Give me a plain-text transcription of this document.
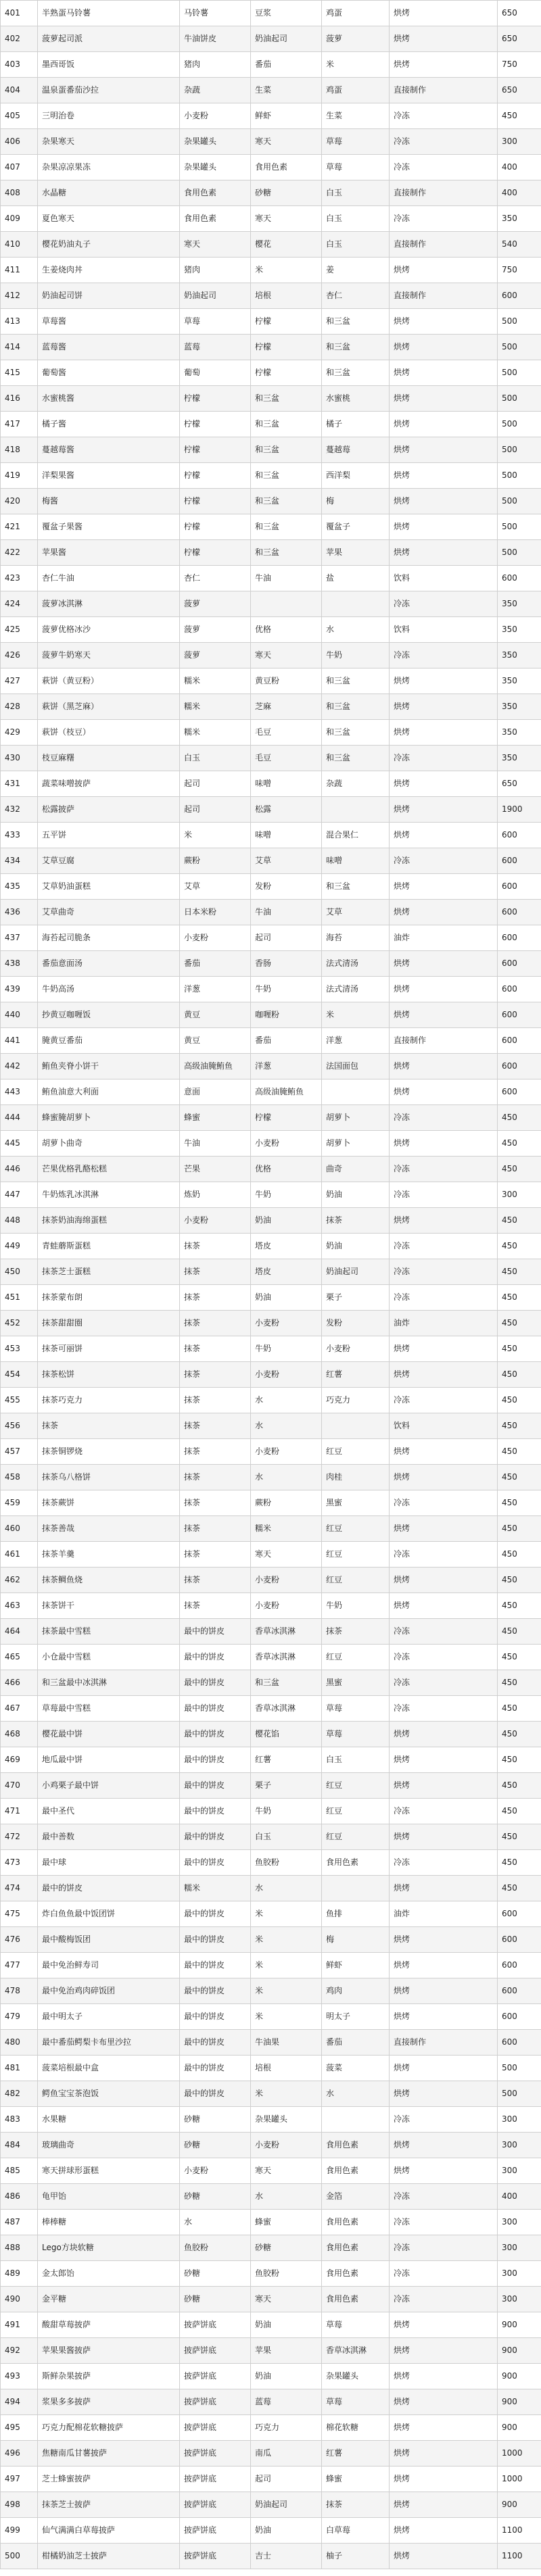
401	半熟蛋马铃薯	马铃薯	豆浆	鸡蛋	烘烤	650
402	菠萝起司派	牛油饼皮	奶油起司	菠萝	烘烤	650
403	墨西哥饭	猪肉	番茄	米	烘烤	750
404	温泉蛋番茄沙拉	杂蔬	生菜	鸡蛋	直接制作	650
405	三明治卷	小麦粉	鲜虾	生菜	冷冻	450
406	杂果寒天	杂果罐头	寒天	草莓	冷冻	300
407	杂果凉凉果冻	杂果罐头	食用色素	草莓	冷冻	400
408	水晶糖	食用色素	砂糖	白玉	直接制作	400
409	夏色寒天	食用色素	寒天	白玉	冷冻	350
410	樱花奶油丸子	寒天	樱花	白玉	直接制作	540
411	生姜烧肉丼	猪肉	米	姜	烘烤	750
412	奶油起司饼	奶油起司	培根	杏仁	直接制作	600
413	草莓酱	草莓	柠檬	和三盆	烘烤	500
414	蓝莓酱	蓝莓	柠檬	和三盆	烘烤	500
415	葡萄酱	葡萄	柠檬	和三盆	烘烤	500
416	水蜜桃酱	柠檬	和三盆	水蜜桃	烘烤	500
417	橘子酱	柠檬	和三盆	橘子	烘烤	500
418	蔓越莓酱	柠檬	和三盆	蔓越莓	烘烤	500
419	洋梨果酱	柠檬	和三盆	西洋梨	烘烤	500
420	梅酱	柠檬	和三盆	梅	烘烤	500
421	覆盆子果酱	柠檬	和三盆	覆盆子	烘烤	500
422	苹果酱	柠檬	和三盆	苹果	烘烤	500
423	杏仁牛油	杏仁	牛油	盐	饮料	600
424	菠萝冰淇淋	菠萝			冷冻	350
425	菠萝优格冰沙	菠萝	优格	水	饮料	350
426	菠萝牛奶寒天	菠萝	寒天	牛奶	冷冻	350
427	萩饼（黄豆粉）	糯米	黄豆粉	和三盆	烘烤	350
428	萩饼（黑芝麻）	糯米	芝麻	和三盆	烘烤	350
429	萩饼（枝豆）	糯米	毛豆	和三盆	烘烤	350
430	枝豆麻糬	白玉	毛豆	和三盆	冷冻	350
431	蔬菜味噌披萨	起司	味噌	杂蔬	烘烤	650
432	松露披萨	起司	松露		烘烤	1900
433	五平饼	米	味噌	混合果仁	烘烤	600
434	艾草豆腐	蕨粉	艾草	味噌	冷冻	600
435	艾草奶油蛋糕	艾草	发粉	和三盆	烘烤	600
436	艾草曲奇	日本米粉	牛油	艾草	烘烤	600
437	海苔起司脆条	小麦粉	起司	海苔	油炸	600
438	番茄意面汤	番茄	香肠	法式清汤	烘烤	600
439	牛奶高汤	洋葱	牛奶	法式清汤	烘烤	600
440	抄黄豆咖喱饭	黄豆	咖喱粉	米	烘烤	600
441	腌黄豆番茄	黄豆	番茄	洋葱	直接制作	600
442	鲔鱼夹脊小饼干	高级油腌鲔鱼	洋葱	法国面包	烘烤	600
443	鲔鱼油意大利面	意面	高级油腌鲔鱼		烘烤	600
444	蜂蜜腌胡萝卜	蜂蜜	柠檬	胡萝卜	冷冻	450
445	胡萝卜曲奇	牛油	小麦粉	胡萝卜	烘烤	450
446	芒果优格乳酪松糕	芒果	优格	曲奇	冷冻	450
447	牛奶炼乳冰淇淋	炼奶	牛奶	奶油	冷冻	300
448	抹茶奶油海绵蛋糕	小麦粉	奶油	抹茶	烘烤	450
449	青蛙蘑斯蛋糕	抹茶	塔皮	奶油	冷冻	450
450	抹茶芝士蛋糕	抹茶	塔皮	奶油起司	冷冻	450
451	抹茶蒙布朗	抹茶	奶油	栗子	冷冻	450
452	抹茶甜甜圈	抹茶	小麦粉	发粉	油炸	450
453	抹茶可丽饼	抹茶	牛奶	小麦粉	烘烤	450
454	抹茶松饼	抹茶	小麦粉	红薯	烘烤	450
455	抹茶巧克力	抹茶	水	巧克力	冷冻	450
456	抹茶	抹茶	水		饮料	450
457	抹茶铜锣烧	抹茶	小麦粉	红豆	烘烤	450
458	抹茶乌八格饼	抹茶	水	肉桂	烘烤	450
459	抹茶蕨饼	抹茶	蕨粉	黑蜜	冷冻	450
460	抹茶善哉	抹茶	糯米	红豆	烘烤	450
461	抹茶羊羹	抹茶	寒天	红豆	冷冻	450
462	抹茶鲷鱼烧	抹茶	小麦粉	红豆	烘烤	450
463	抹茶饼干	抹茶	小麦粉	牛奶	烘烤	450
464	抹茶最中雪糕	最中的饼皮	香草冰淇淋	抹茶	冷冻	450
465	小仓最中雪糕	最中的饼皮	香草冰淇淋	红豆	冷冻	450
466	和三盆最中冰淇淋	最中的饼皮	和三盆	黑蜜	冷冻	450
467	草莓最中雪糕	最中的饼皮	香草冰淇淋	草莓	冷冻	450
468	樱花最中饼	最中的饼皮	樱花馅	草莓	烘烤	450
469	地瓜最中饼	最中的饼皮	红薯	白玉	烘烤	450
470	小鸡栗子最中饼	最中的饼皮	栗子	红豆	烘烤	450
471	最中圣代	最中的饼皮	牛奶	红豆	冷冻	450
472	最中善数	最中的饼皮	白玉	红豆	烘烤	450
473	最中球	最中的饼皮	鱼胶粉	食用色素	冷冻	450
474	最中的饼皮	糯米	水		烘烤	450
475	炸白鱼鱼最中饭团饼	最中的饼皮	米	鱼排	油炸	600
476	最中酸梅饭团	最中的饼皮	米	梅	烘烤	600
477	最中免治鲜寿司	最中的饼皮	米	鲜虾	烘烤	600
478	最中免治鸡肉碎饭团	最中的饼皮	米	鸡肉	烘烤	600
479	最中明太子	最中的饼皮	米	明太子	烘烤	600
480	最中番茄鳄梨卡布里沙拉	最中的饼皮	牛油果	番茄	直接制作	600
481	菠菜培根最中盒	最中的饼皮	培根	菠菜	烘烤	500
482	鳄鱼宝宝茶泡饭	最中的饼皮	米	水	烘烤	500
483	水果糖	砂糖	杂果罐头		冷冻	300
484	玻璃曲奇	砂糖	小麦粉	食用色素	烘烤	300
485	寒天拼球形蛋糕	小麦粉	寒天	食用色素	烘烤	300
486	龟甲饴	砂糖	水	金箔	冷冻	400
487	棒棒糖	水	蜂蜜	食用色素	冷冻	300
488	Lego方块软糖	鱼胶粉	砂糖	食用色素	冷冻	300
489	金太郎饴	砂糖	鱼胶粉	食用色素	冷冻	300
490	金平糖	砂糖	寒天	食用色素	冷冻	300
491	酸甜草莓披萨	披萨饼底	奶油	草莓	烘烤	900
492	苹果果酱披萨	披萨饼底	苹果	香草冰淇淋	烘烤	900
493	斯鲜杂果披萨	披萨饼底	奶油	杂果罐头	烘烤	900
494	浆果多多披萨	披萨饼底	蓝莓	草莓	烘烤	900
495	巧克力配棉花软糖披萨	披萨饼底	巧克力	棉花软糖	烘烤	900
496	焦糖南瓜甘薯披萨	披萨饼底	南瓜	红薯	烘烤	1000
497	芝士蜂蜜披萨	披萨饼底	起司	蜂蜜	烘烤	1000
498	抹茶芝士披萨	披萨饼底	奶油起司	抹茶	烘烤	900
499	仙气满满白草莓披萨	披萨饼底	奶油	白草莓	烘烤	1100
500	柑橘奶油芝士披萨	披萨饼底	吉士	柚子	烘烤	1100
